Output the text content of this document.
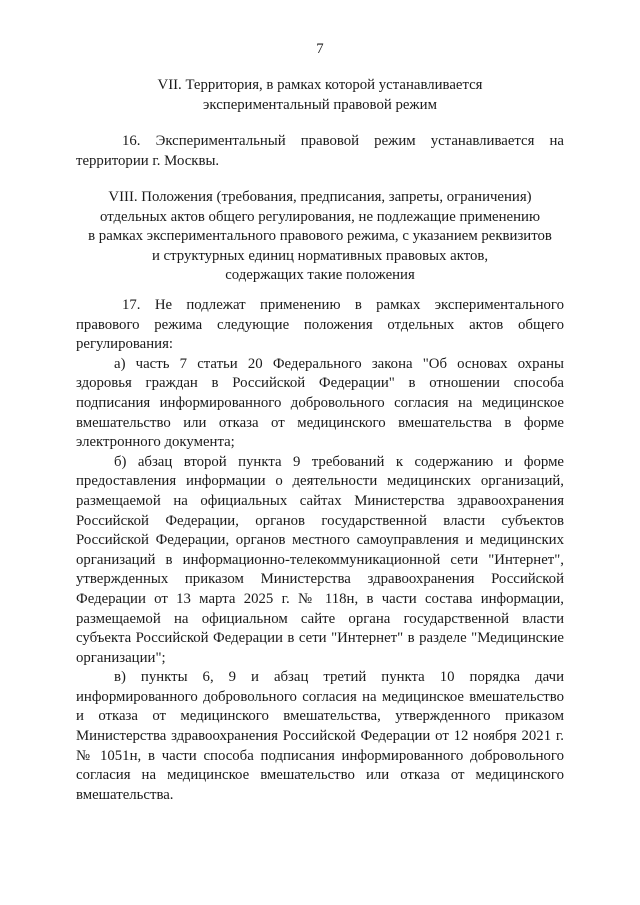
7
VII. Территория, в рамках которой устанавливается
экспериментальный правовой режим

16. Экспериментальный правовой режим устанавливается на территории г. Москвы.

VIII. Положения (требования, предписания, запреты, ограничения)
отдельных актов общего регулирования, не подлежащие применению
в рамках экспериментального правового режима, с указанием реквизитов
и структурных единиц нормативных правовых актов,
содержащих такие положения

17. Не подлежат применению в рамках экспериментального правового режима следующие положения отдельных актов общего регулирования:

а) часть 7 статьи 20 Федерального закона "Об основах охраны здоровья граждан в Российской Федерации" в отношении способа подписания информированного добровольного согласия на медицинское вмешательство или отказа от медицинского вмешательства в форме электронного документа;

б) абзац второй пункта 9 требований к содержанию и форме предоставления информации о деятельности медицинских организаций, размещаемой на официальных сайтах Министерства здравоохранения Российской Федерации, органов государственной власти субъектов Российской Федерации, органов местного самоуправления и медицинских организаций в информационно-телекоммуникационной сети "Интернет", утвержденных приказом Министерства здравоохранения Российской Федерации от 13 марта 2025 г. № 118н, в части состава информации, размещаемой на официальном сайте органа государственной власти субъекта Российской Федерации в сети "Интернет" в разделе "Медицинские организации";

в) пункты 6, 9 и абзац третий пункта 10 порядка дачи информированного добровольного согласия на медицинское вмешательство и отказа от медицинского вмешательства, утвержденного приказом Министерства здравоохранения Российской Федерации от 12 ноября 2021 г. № 1051н, в части способа подписания информированного добровольного согласия на медицинское вмешательство или отказа от медицинского вмешательства.
